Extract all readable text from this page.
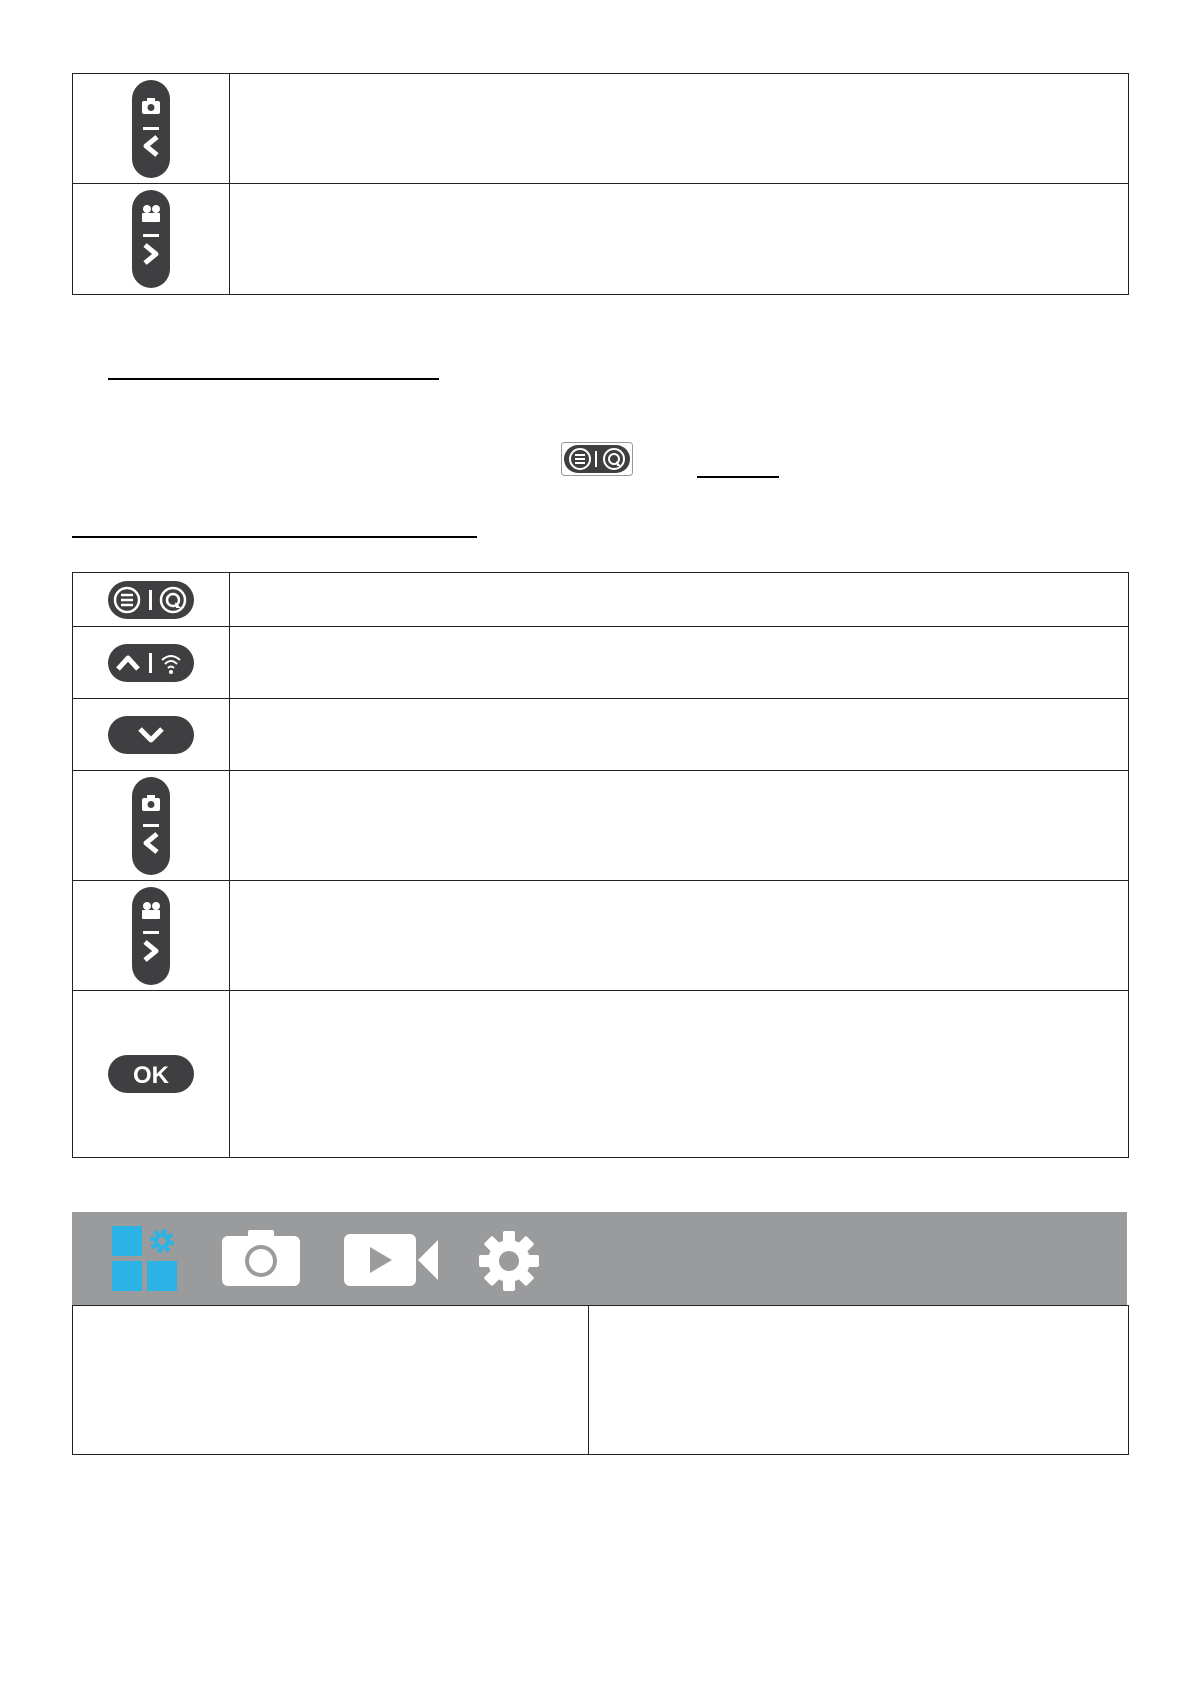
OK
